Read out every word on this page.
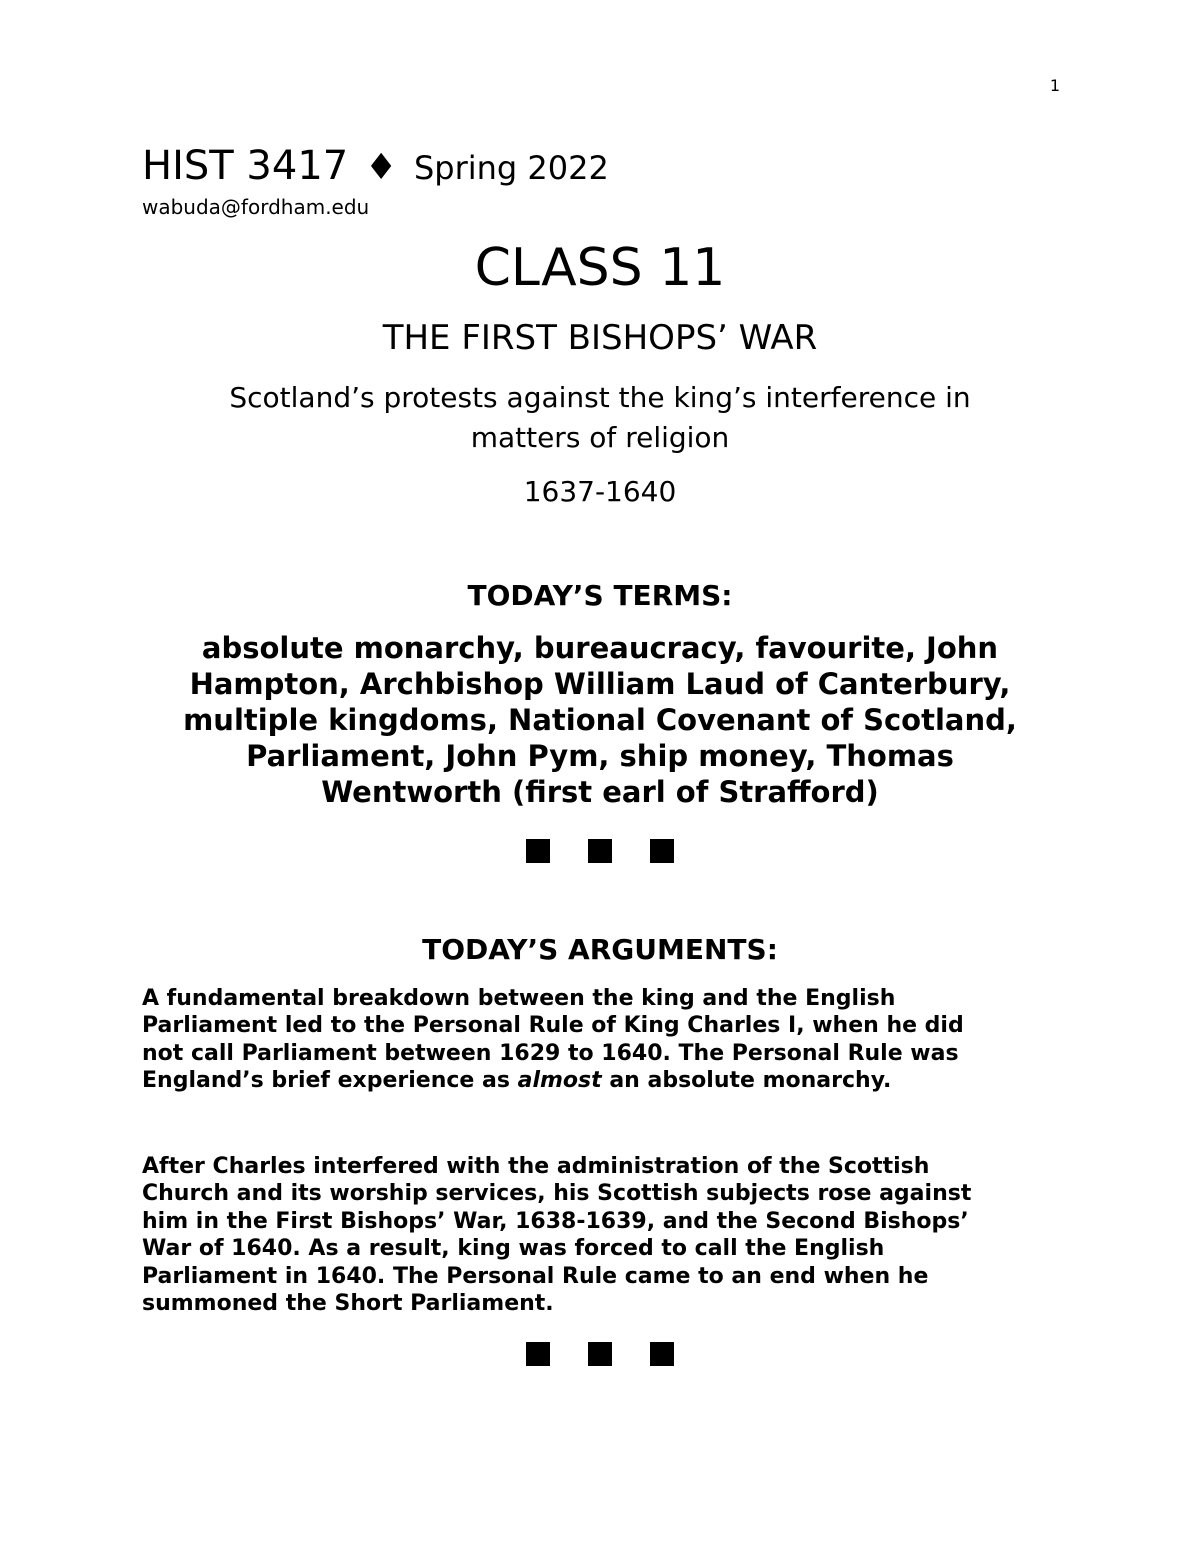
1
HIST 3417 ♦ Spring 2022
wabuda@fordham.edu
CLASS 11
THE FIRST BISHOPS’ WAR
Scotland’s protests against the king’s interference in
matters of religion
1637-1640
TODAY’S TERMS:
absolute monarchy, bureaucracy, favourite, John
Hampton, Archbishop William Laud of Canterbury,
multiple kingdoms, National Covenant of Scotland,
Parliament, John Pym, ship money, Thomas
Wentworth (first earl of Strafford)
TODAY’S ARGUMENTS:
A fundamental breakdown between the king and the English
Parliament led to the Personal Rule of King Charles I, when he did
not call Parliament between 1629 to 1640. The Personal Rule was
England’s brief experience as almost an absolute monarchy.
After Charles interfered with the administration of the Scottish
Church and its worship services, his Scottish subjects rose against
him in the First Bishops’ War, 1638-1639, and the Second Bishops’
War of 1640. As a result, king was forced to call the English
Parliament in 1640. The Personal Rule came to an end when he
summoned the Short Parliament.
